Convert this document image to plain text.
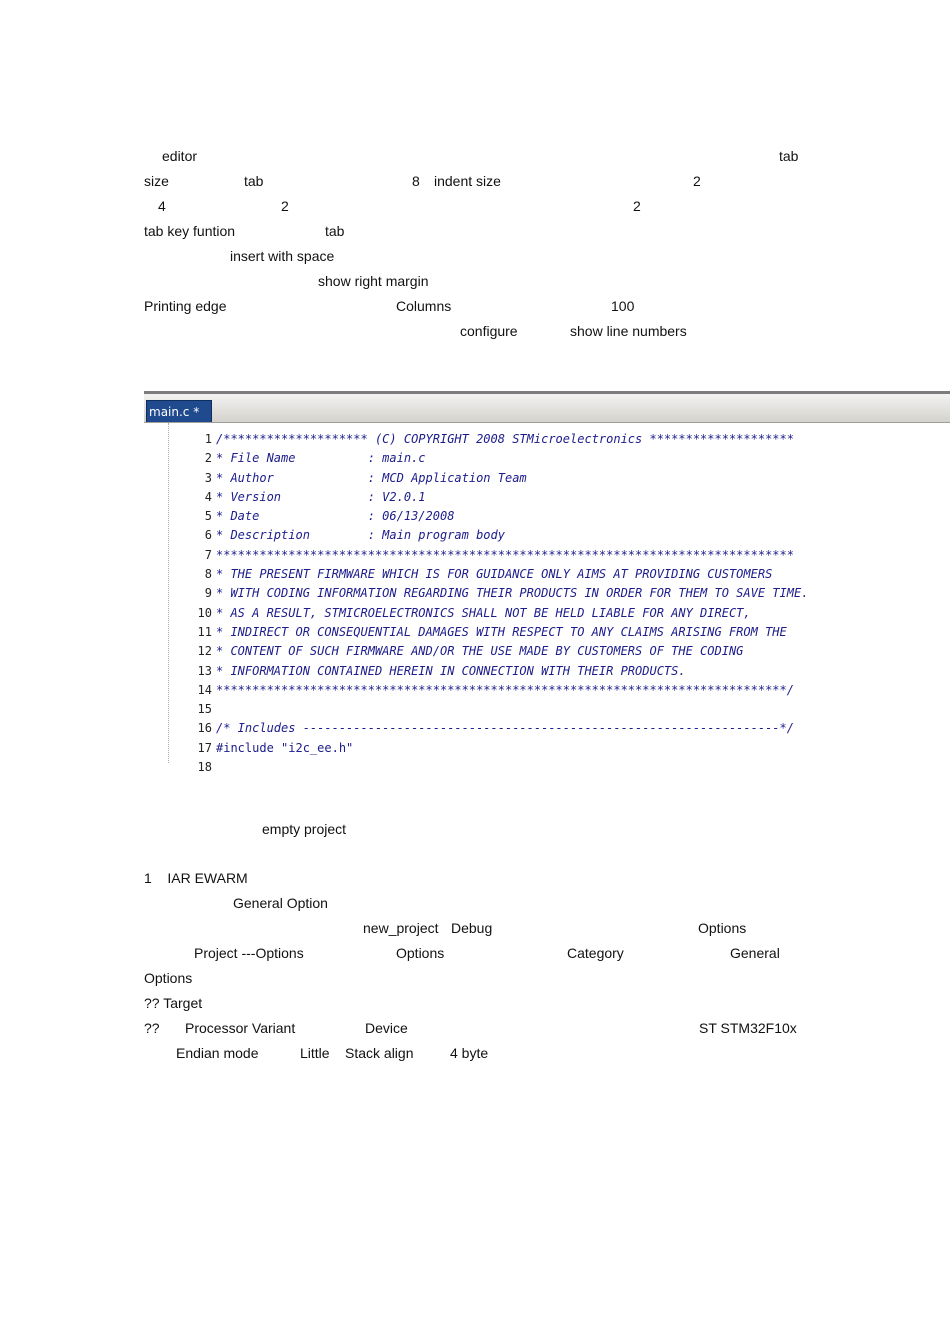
editor	tab
size	tab	8 indent size	2
4	2	2
tab key funtion	tab
insert with space
show right margin
Printing edge	Columns	100
configure	show line numbers
main.c *
1 /******************** (C) COPYRIGHT 2008 STMicroelectronics ********************
2 * File Name          : main.c
3 * Author             : MCD Application Team
4 * Version            : V2.0.1
5 * Date               : 06/13/2008
6 * Description        : Main program body
7 ********************************************************************************
8 * THE PRESENT FIRMWARE WHICH IS FOR GUIDANCE ONLY AIMS AT PROVIDING CUSTOMERS
9 * WITH CODING INFORMATION REGARDING THEIR PRODUCTS IN ORDER FOR THEM TO SAVE TIME.
10 * AS A RESULT, STMICROELECTRONICS SHALL NOT BE HELD LIABLE FOR ANY DIRECT,
11 * INDIRECT OR CONSEQUENTIAL DAMAGES WITH RESPECT TO ANY CLAIMS ARISING FROM THE
12 * CONTENT OF SUCH FIRMWARE AND/OR THE USE MADE BY CUSTOMERS OF THE CODING
13 * INFORMATION CONTAINED HEREIN IN CONNECTION WITH THEIR PRODUCTS.
14 *******************************************************************************/
15
16 /* Includes ------------------------------------------------------------------*/
17 #include "i2c_ee.h"
18
empty project
1    IAR EWARM
General Option
new_project Debug	Options
Project ---Options	Options	Category	General
Options
?? Target
?? Processor Variant	Device	ST STM32F10x
Endian mode	Little Stack align	4 byte
